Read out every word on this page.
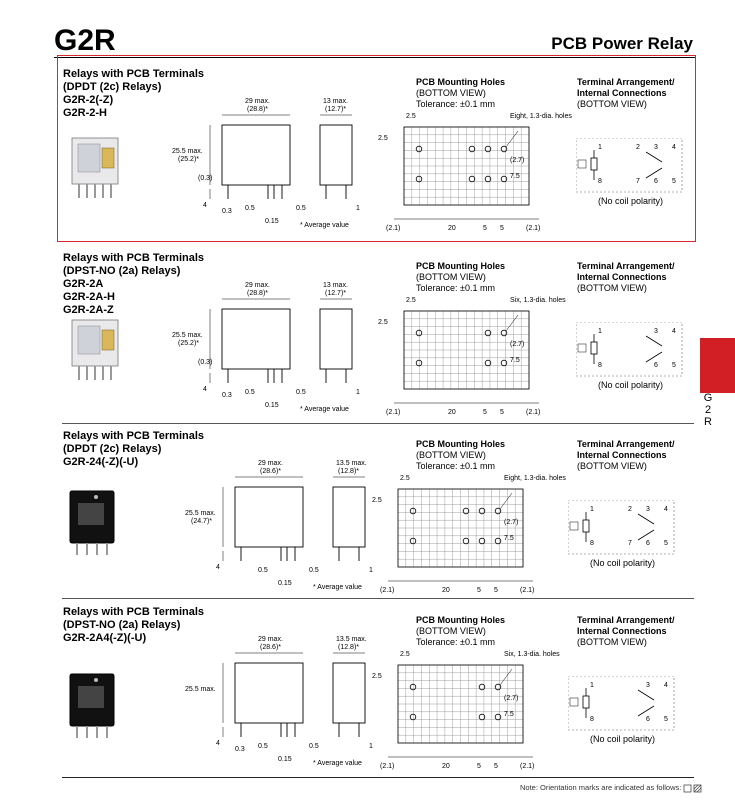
G2R	PCB Power Relay
G
2
R
Note: Orientation marks are indicated as follows:
Relays with PCB Terminals
(DPDT (2c) Relays)
G2R-2(-Z)
G2R-2-H
PCB Mounting Holes
(BOTTOM VIEW)
Tolerance: ±0.1 mm
Terminal Arrangement/
Internal Connections
(BOTTOM VIEW)
29 max.
(28.8)*
13 max.
(12.7)*
25.5 max.
(25.2)*
(0.3)
4
0.3 0.5	0.5
0.15
1
* Average value
2.5
2.5
(2.7)
7.5
(2.1)	20	5 5	(2.1)
Eight, 1.3-dia. holes
1
8
2 3 4
7 6 5
(No coil polarity)
Relays with PCB Terminals
(DPST-NO (2a) Relays)
G2R-2A
G2R-2A-H
G2R-2A-Z
PCB Mounting Holes
(BOTTOM VIEW)
Tolerance: ±0.1 mm
Terminal Arrangement/
Internal Connections
(BOTTOM VIEW)
29 max.
(28.8)*
13 max.
(12.7)*
25.5 max.
(25.2)*
(0.3)
4
0.3 0.5	0.5
0.15
1
* Average value
2.5
2.5
(2.7)
7.5
(2.1)	20	5 5	(2.1)
Six, 1.3-dia. holes
1
8
3 4
6 5
(No coil polarity)
Relays with PCB Terminals
(DPDT (2c) Relays)
G2R-24(-Z)(-U)
PCB Mounting Holes
(BOTTOM VIEW)
Tolerance: ±0.1 mm
Terminal Arrangement/
Internal Connections
(BOTTOM VIEW)
29 max.
(28.6)*
13.5 max.
(12.8)*
25.5 max.
(24.7)*
4	0.5	0.5
0.15
1
* Average value
2.5
2.5
(2.7)
7.5
(2.1)	20	5 5	(2.1)
Eight, 1.3-dia. holes
1
8
2 3 4
7 6 5
(No coil polarity)
Relays with PCB Terminals
(DPST-NO (2a) Relays)
G2R-2A4(-Z)(-U)
PCB Mounting Holes
(BOTTOM VIEW)
Tolerance: ±0.1 mm
Terminal Arrangement/
Internal Connections
(BOTTOM VIEW)
29 max.
(28.6)*
13.5 max.
(12.8)*
25.5 max.
4
0.3 0.5	0.5
0.15
1
* Average value
2.5
2.5
(2.7)
7.5
(2.1)	20	5 5	(2.1)
Six, 1.3-dia. holes
1
8
3 4
6 5
(No coil polarity)
